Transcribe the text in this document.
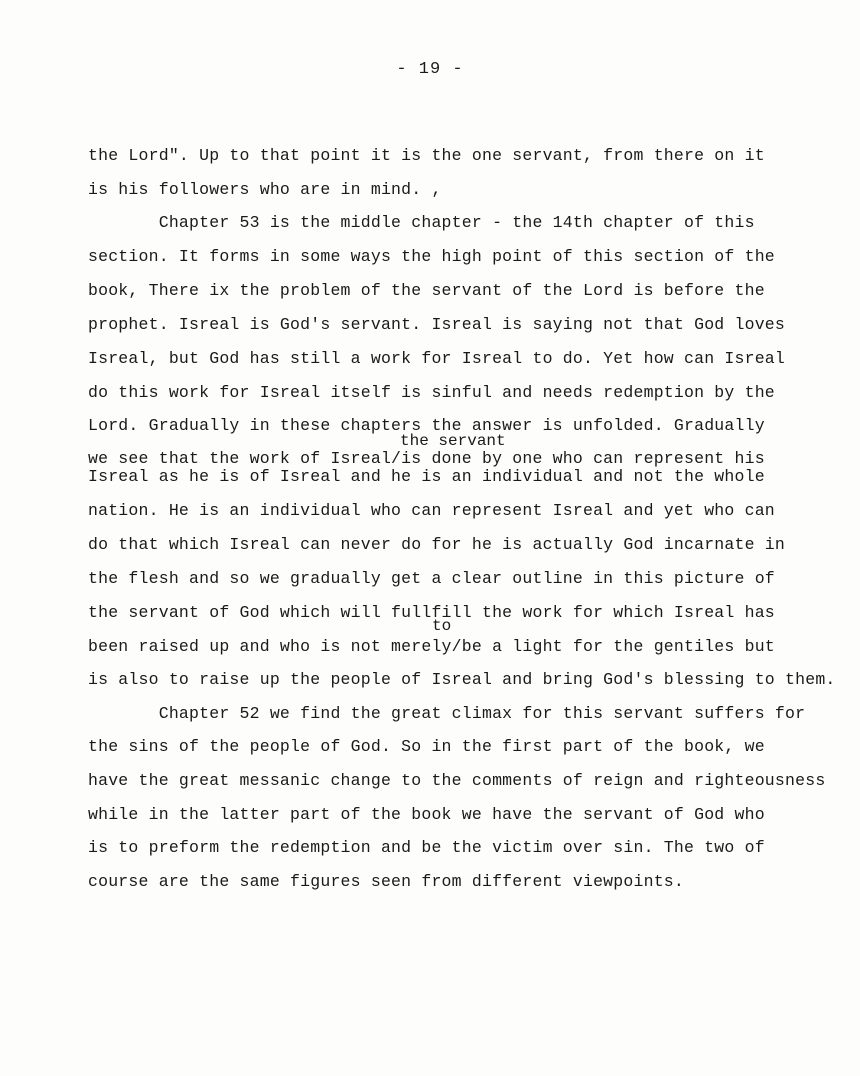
- 19 -
the Lord". Up to that point it is the one servant, from there on it
is his followers who are in mind. ,
Chapter 53 is the middle chapter - the 14th chapter of this
section. It forms in some ways the high point of this section of the
book, There ix the problem of the servant of the Lord is before the
prophet. Isreal is God's servant. Isreal is saying not that God loves
Isreal, but God has still a work for Isreal to do. Yet how can Isreal
do this work for Isreal itself is sinful and needs redemption by the
Lord. Gradually in these chapters the answer is unfolded. Gradually
the servant
we see that the work of Isreal/is done by one who can represent his
Isreal as he is of Isreal and he is an individual and not the whole
nation. He is an individual who can represent Isreal and yet who can
do that which Isreal can never do for he is actually God incarnate in
the flesh and so we gradually get a clear outline in this picture of
the servant of God which will fullfill the work for which Isreal has
to
been raised up and who is not merely/be a light for the gentiles but
is also to raise up the people of Isreal and bring God's blessing to them.
Chapter 52 we find the great climax for this servant suffers for
the sins of the people of God. So in the first part of the book, we
have the great messanic change to the comments of reign and righteousness
while in the latter part of the book we have the servant of God who
is to preform the redemption and be the victim over sin. The two of
course are the same figures seen from different viewpoints.
